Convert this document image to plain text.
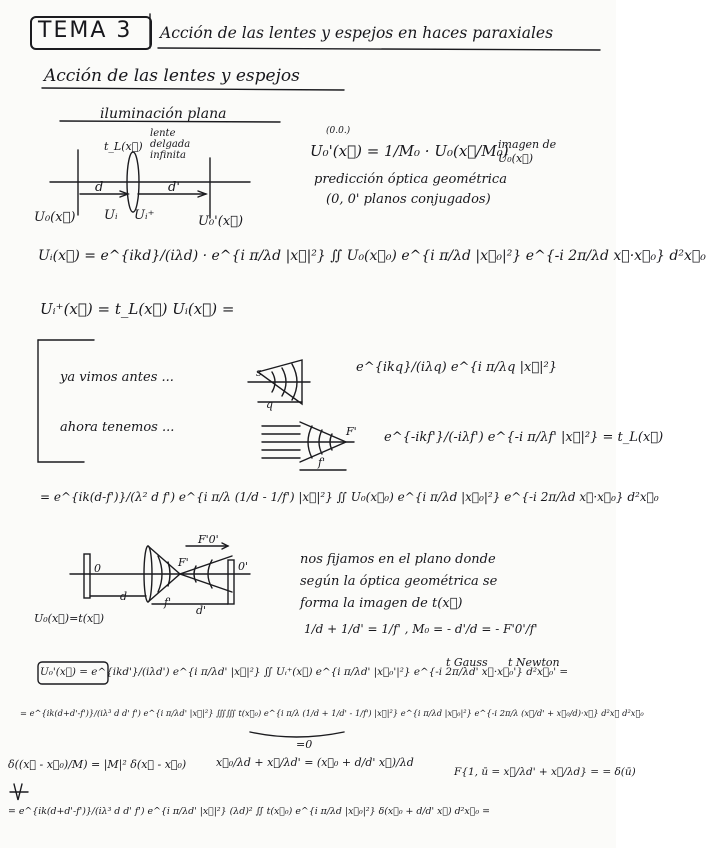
TEMA 3 Acción de las lentes y espejos en haces paraxiales
Acción de las lentes y espejos
iluminación plana
t_L(x⃗)
lente delgada infinita
d	d'
U₀(x⃗) Uᵢ Uᵢ⁺	U₀'(x⃗)
(0.0.)
U₀'(x⃗) = 1/M₀ · U₀(x⃗/M₀)
imagen de U₀(x⃗)
predicción óptica geométrica
(0, 0' planos conjugados)
Uᵢ(x⃗) = e^{ikd}/(iλd) · e^{i π/λd |x⃗|²} ∬ U₀(x⃗₀) e^{i π/λd |x⃗₀|²} e^{-i 2π/λd x⃗·x⃗₀} d²x⃗₀
Uᵢ⁺(x⃗) = t_L(x⃗) Uᵢ(x⃗) =
ya vimos antes ...
ahora tenemos ...
s
q
F'
f'
e^{ikq}/(iλq) e^{i π/λq |x⃗|²}
e^{-ikf'}/(-iλf') e^{-i π/λf' |x⃗|²} = t_L(x⃗)
= e^{ik(d-f')}/(λ² d f') e^{i π/λ (1/d - 1/f') |x⃗|²} ∬ U₀(x⃗₀) e^{i π/λd |x⃗₀|²} e^{-i 2π/λd x⃗·x⃗₀} d²x⃗₀
F'0'
0	F'	0'
d	f'
d'
U₀(x⃗)=t(x⃗)
nos fijamos en el plano donde
según la óptica geométrica se
forma la imagen de t(x⃗)
1/d + 1/d' = 1/f' , M₀ = - d'/d = - F'0'/f'
t Gauss t Newton
U₀'(x⃗) = e^{ikd'}/(iλd') e^{i π/λd' |x⃗|²} ∬ Uᵢ⁺(x⃗) e^{i π/λd' |x⃗₀'|²} e^{-i 2π/λd' x⃗·x⃗₀'} d²x⃗₀' =
= e^{ik(d+d'-f')}/(iλ³ d d' f') e^{i π/λd' |x⃗|²} ∭∭ t(x⃗₀) e^{i π/λ (1/d + 1/d' - 1/f') |x⃗|²} e^{i π/λd |x⃗₀|²} e^{-i 2π/λ (x⃗/d' + x⃗₀/d)·x⃗} d²x⃗ d²x⃗₀
=0
δ((x⃗ - x⃗₀)/M) = |M|² δ(x⃗ - x⃗₀)	x⃗₀/λd + x⃗/λd' = (x⃗₀ + d/d' x⃗)/λd
F{1, ū = x⃗/λd' + x⃗/λd} = = δ(ū)
= e^{ik(d+d'-f')}/(iλ³ d d' f') e^{i π/λd' |x⃗|²} (λd)² ∬ t(x⃗₀) e^{i π/λd |x⃗₀|²} δ(x⃗₀ + d/d' x⃗) d²x⃗₀ =
